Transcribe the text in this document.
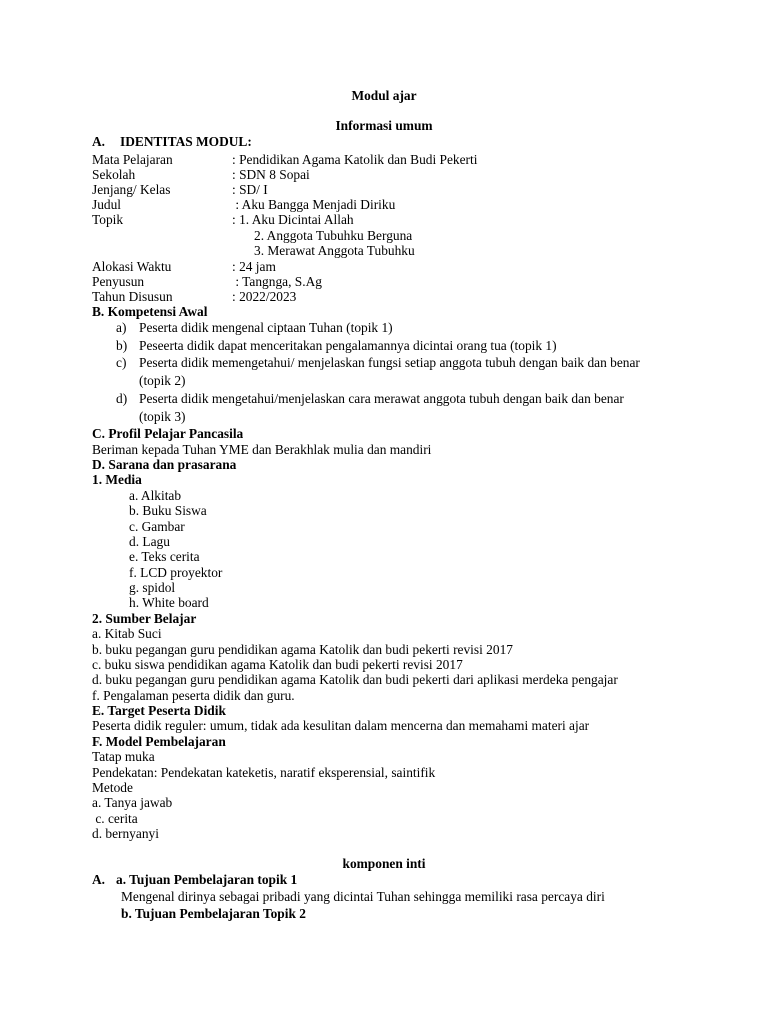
Modul ajar
Informasi umum
A. IDENTITAS MODUL:
Mata Pelajaran	: Pendidikan Agama Katolik dan Budi Pekerti
Sekolah	: SDN 8 Sopai
Jenjang/ Kelas	: SD/ I
Judul	: Aku Bangga Menjadi Diriku
Topik	: 1. Aku Dicintai Allah
2. Anggota Tubuhku Berguna
3. Merawat Anggota Tubuhku
Alokasi Waktu	: 24 jam
Penyusun	: Tangnga, S.Ag
Tahun Disusun	: 2022/2023
B. Kompetensi Awal
a) Peserta didik mengenal ciptaan Tuhan (topik 1)
b) Peseerta didik dapat menceritakan pengalamannya dicintai orang tua (topik 1)
c) Peserta didik memengetahui/ menjelaskan fungsi setiap anggota tubuh dengan baik dan benar
(topik 2)
d) Peserta didik mengetahui/menjelaskan cara merawat anggota tubuh dengan baik dan benar
(topik 3)
C. Profil Pelajar Pancasila
Beriman kepada Tuhan YME dan Berakhlak mulia dan mandiri
D. Sarana dan prasarana
1. Media
a. Alkitab
b. Buku Siswa
c. Gambar
d. Lagu
e. Teks cerita
f. LCD proyektor
g. spidol
h. White board
2. Sumber Belajar
a. Kitab Suci
b. buku pegangan guru pendidikan agama Katolik dan budi pekerti revisi 2017
c. buku siswa pendidikan agama Katolik dan budi pekerti revisi 2017
d. buku pegangan guru pendidikan agama Katolik dan budi pekerti dari aplikasi merdeka pengajar
f. Pengalaman peserta didik dan guru.
E. Target Peserta Didik
Peserta didik reguler: umum, tidak ada kesulitan dalam mencerna dan memahami materi ajar
F. Model Pembelajaran
Tatap muka
Pendekatan: Pendekatan kateketis, naratif eksperensial, saintifik
Metode
a. Tanya jawab
c. cerita
d. bernyanyi
komponen inti
A. a. Tujuan Pembelajaran topik 1
Mengenal dirinya sebagai pribadi yang dicintai Tuhan sehingga memiliki rasa percaya diri
b. Tujuan Pembelajaran Topik 2
